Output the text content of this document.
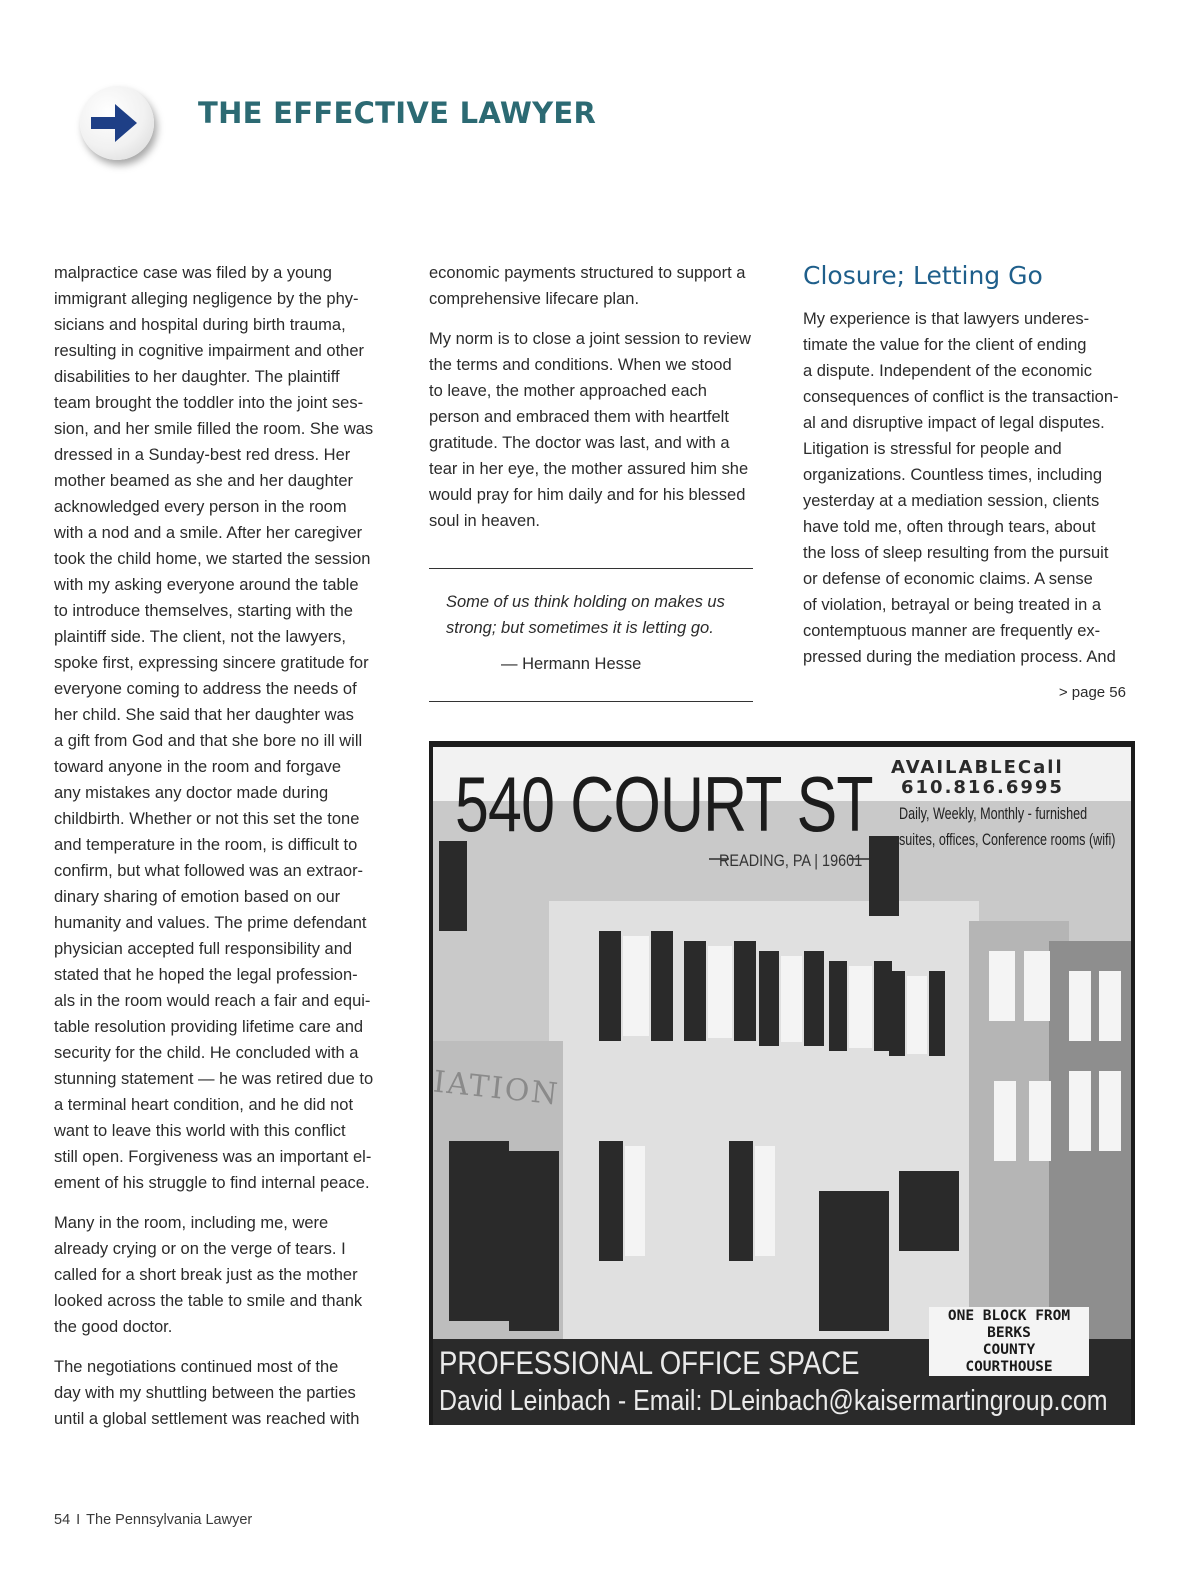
THE EFFECTIVE LAWYER
malpractice case was filed by a young
immigrant alleging negligence by the phy-
sicians and hospital during birth trauma,
resulting in cognitive impairment and other
disabilities to her daughter. The plaintiff
team brought the toddler into the joint ses-
sion, and her smile filled the room. She was
dressed in a Sunday-best red dress. Her
mother beamed as she and her daughter
acknowledged every person in the room
with a nod and a smile. After her caregiver
took the child home, we started the session
with my asking everyone around the table
to introduce themselves, starting with the
plaintiff side. The client, not the lawyers,
spoke first, expressing sincere gratitude for
everyone coming to address the needs of
her child. She said that her daughter was
a gift from God and that she bore no ill will
toward anyone in the room and forgave
any mistakes any doctor made during
childbirth. Whether or not this set the tone
and temperature in the room, is difficult to
confirm, but what followed was an extraor-
dinary sharing of emotion based on our
humanity and values. The prime defendant
physician accepted full responsibility and
stated that he hoped the legal profession-
als in the room would reach a fair and equi-
table resolution providing lifetime care and
security for the child. He concluded with a
stunning statement — he was retired due to
a terminal heart condition, and he did not
want to leave this world with this conflict
still open. Forgiveness was an important el-
ement of his struggle to find internal peace.
Many in the room, including me, were
already crying or on the verge of tears. I
called for a short break just as the mother
looked across the table to smile and thank
the good doctor.
The negotiations continued most of the
day with my shuttling between the parties
until a global settlement was reached with
economic payments structured to support a
comprehensive lifecare plan.
My norm is to close a joint session to review
the terms and conditions. When we stood
to leave, the mother approached each
person and embraced them with heartfelt
gratitude. The doctor was last, and with a
tear in her eye, the mother assured him she
would pray for him daily and for his blessed
soul in heaven.
Closure; Letting Go
My experience is that lawyers underes-
timate the value for the client of ending
a dispute. Independent of the economic
consequences of conflict is the transaction-
al and disruptive impact of legal disputes.
Litigation is stressful for people and
organizations. Countless times, including
yesterday at a mediation session, clients
have told me, often through tears, about
the loss of sleep resulting from the pursuit
or defense of economic claims. A sense
of violation, betrayal or being treated in a
contemptuous manner are frequently ex-
pressed during the mediation process. And
Some of us think holding on makes us
strong; but sometimes it is letting go.
— Hermann Hesse
> page 56
IATION
540 COURT ST
READING, PA | 19601
AVAILABLECall
610.816.6995
Daily, Weekly, Monthly - furnished
suites, offices, Conference rooms (wifi)
ONE BLOCK FROM
BERKS
COUNTY
COURTHOUSE
PROFESSIONAL OFFICE SPACE
David Leinbach - Email: DLeinbach@kaisermartingroup.com
54 I The Pennsylvania Lawyer
